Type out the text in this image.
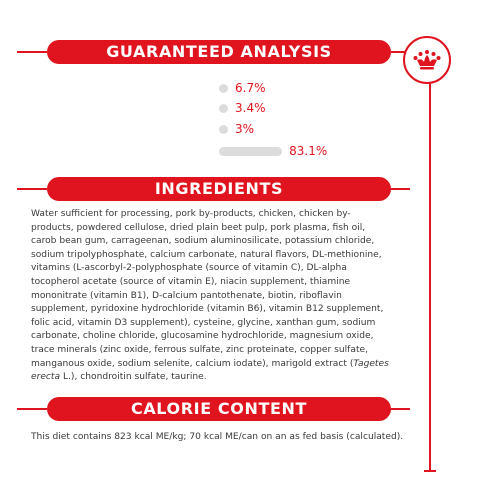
GUARANTEED ANALYSIS
6.7%
3.4%
3%
83.1%
INGREDIENTS

Water sufficient for processing, pork by-products, chicken, chicken by-products, powdered cellulose, dried plain beet pulp, pork plasma, fish oil, carob bean gum, carrageenan, sodium aluminosilicate, potassium chloride, sodium tripolyphosphate, calcium carbonate, natural flavors, DL-methionine, vitamins (L-ascorbyl-2-polyphosphate (source of vitamin C), DL-alpha tocopherol acetate (source of vitamin E), niacin supplement, thiamine mononitrate (vitamin B1), D-calcium pantothenate, biotin, riboflavin supplement, pyridoxine hydrochloride (vitamin B6), vitamin B12 supplement, folic acid, vitamin D3 supplement), cysteine, glycine, xanthan gum, sodium carbonate, choline chloride, glucosamine hydrochloride, magnesium oxide, trace minerals (zinc oxide, ferrous sulfate, zinc proteinate, copper sulfate, manganous oxide, sodium selenite, calcium iodate), marigold extract (Tagetes erecta L.), chondroitin sulfate, taurine.

CALORIE CONTENT

This diet contains 823 kcal ME/kg; 70 kcal ME/can on an as fed basis (calculated).
